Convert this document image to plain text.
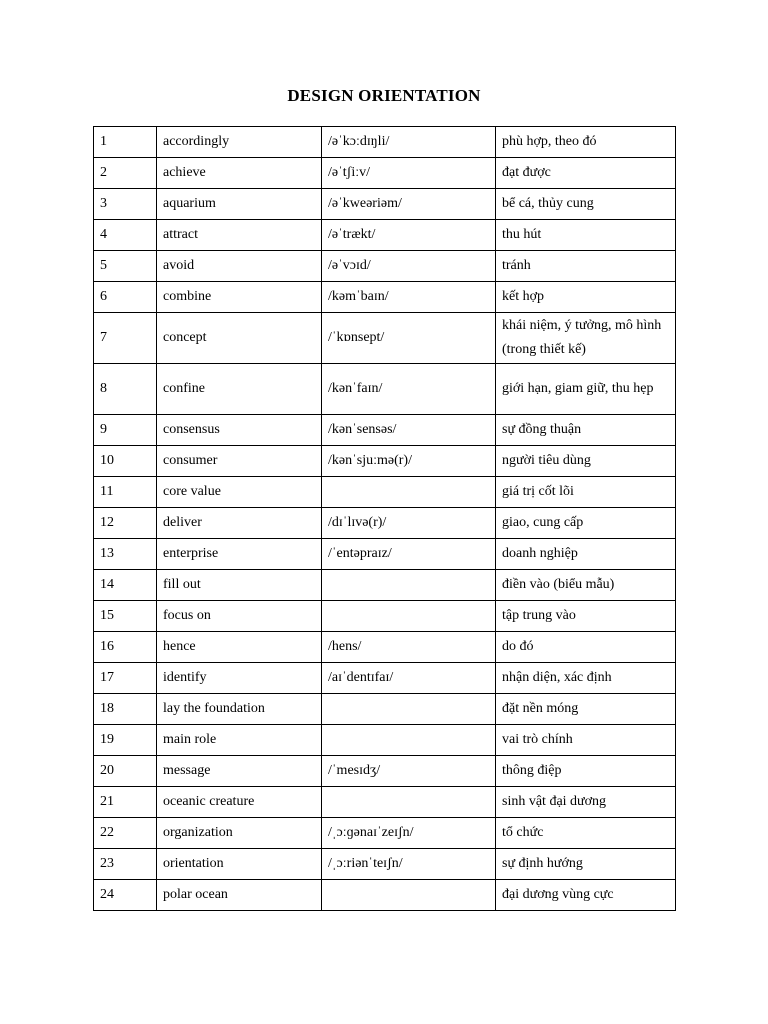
DESIGN ORIENTATION
1	accordingly	/əˈkɔːdɪŋli/	phù hợp, theo đó
2	achieve	/əˈtʃiːv/	đạt được
3	aquarium	/əˈkweəriəm/	bể cá, thủy cung
4	attract	/əˈtrækt/	thu hút
5	avoid	/əˈvɔɪd/	tránh
6	combine	/kəmˈbaɪn/	kết hợp
7	concept	/ˈkɒnsept/	khái niệm, ý tưởng, mô hình (trong thiết kế)
8	confine	/kənˈfaɪn/	giới hạn, giam giữ, thu hẹp
9	consensus	/kənˈsensəs/	sự đồng thuận
10	consumer	/kənˈsjuːmə(r)/	người tiêu dùng
11	core value		giá trị cốt lõi
12	deliver	/dɪˈlɪvə(r)/	giao, cung cấp
13	enterprise	/ˈentəpraɪz/	doanh nghiệp
14	fill out		điền vào (biểu mẫu)
15	focus on		tập trung vào
16	hence	/hens/	do đó
17	identify	/aɪˈdentɪfaɪ/	nhận diện, xác định
18	lay the foundation		đặt nền móng
19	main role		vai trò chính
20	message	/ˈmesɪdʒ/	thông điệp
21	oceanic creature		sinh vật đại dương
22	organization	/ˌɔːɡənaɪˈzeɪʃn/	tổ chức
23	orientation	/ˌɔːriənˈteɪʃn/	sự định hướng
24	polar ocean		đại dương vùng cực
